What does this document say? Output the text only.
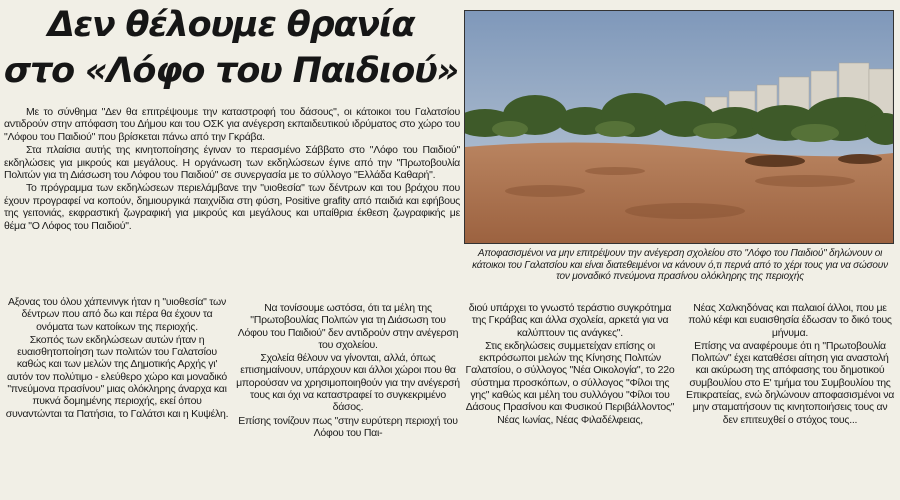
Δεν θέλουμε θρανία
στο «Λόφο του Παιδιού»

Με το σύνθημα "Δεν θα επιτρέψουμε την καταστροφή του δάσους", οι κάτοικοι του Γαλατσίου αντιδρούν στην απόφαση του Δήμου και του ΟΣΚ για ανέγερση εκπαιδευτικού ιδρύματος στο χώρο του "Λόφου του Παιδιού" που βρίσκεται πάνω από την Γκράβα.

Στα πλαίσια αυτής της κινητοποίησης έγιναν το περασμένο Σάββατο στο "Λόφο του Παιδιού" εκδηλώσεις για μικρούς και μεγάλους. Η οργάνωση των εκδηλώσεων έγινε από την "Πρωτοβουλία Πολιτών για τη Διάσωση του Λόφου του Παιδιού" σε συνεργασία με το σύλλογο "Ελλάδα Καθαρή".

Το πρόγραμμα των εκδηλώσεων περιελάμβανε την "υιοθεσία" των δέντρων και του βράχου που έχουν προγραφεί να κοπούν, δημιουργικά παιχνίδια στη φύση, Positive grafity από παιδιά και εφήβους της γειτονιάς, εκφραστική ζωγραφική για μικρούς και μεγάλους και υπαίθρια έκθεση ζωγραφικής με θέμα "Ο Λόφος του Παιδιού".

Αξονας του όλου χάπενινγκ ήταν η "υιοθεσία" των δέντρων που από δω και πέρα θα έχουν τα ονόματα των κατοίκων της περιοχής.

Σκοπός των εκδηλώσεων αυτών ήταν η ευαισθητοποίηση των πολιτών του Γαλατσίου καθώς και των μελών της Δημοτικής Αρχής γι' αυτόν τον πολύτιμο - ελεύθερο χώρο και μοναδικό "πνεύμονα πρασίνου" μιας ολόκληρης άναρχα και πυκνά δομημένης περιοχής, εκεί όπου συναντώνται τα Πατήσια, το Γαλάτσι και η Κυψέλη.

Να τονίσουμε ωστόσα, ότι τα μέλη της "Πρωτοβουλίας Πολιτών για τη Διάσωση του Λόφου του Παιδιού" δεν αντιδρούν στην ανέγερση του σχολείου.

Σχολεία θέλουν να γίνονται, αλλά, όπως επισημαίνουν, υπάρχουν και άλλοι χώροι που θα μπορούσαν να χρησιμοποιηθούν για την ανέγερσή τους και όχι να καταστραφεί το συγκεκριμένο δάσος.

Επίσης τονίζουν πως "στην ευρύτερη περιοχή του Λόφου του Παι-

διού υπάρχει το γνωστό τεράστιο συγκρότημα της Γκράβας και άλλα σχολεία, αρκετά για να καλύπτουν τις ανάγκες".

Στις εκδηλώσεις συμμετείχαν επίσης οι εκπρόσωποι μελών της Κίνησης Πολιτών Γαλατσίου, ο σύλλογος "Νέα Οικολογία", το 22ο σύστημα προσκόπων, ο σύλλογος "Φίλοι της γης" καθώς και μέλη του συλλόγου "Φίλοι του Δάσους Πρασίνου και Φυσικού Περιβάλλοντος" Νέας Ιωνίας, Νέας Φιλαδέλφειας,

Νέας Χαλκηδόνας και παλαιοί άλλοι, που με πολύ κέφι και ευαισθησία έδωσαν το δικό τους μήνυμα.

Επίσης να αναφέρουμε ότι η "Πρωτοβουλία Πολιτών" έχει καταθέσει αίτηση για αναστολή και ακύρωση της απόφασης του δημοτικού συμβουλίου στο Ε' τμήμα του Συμβουλίου της Επικρατείας, ενώ δηλώνουν αποφασισμένοι να μην σταματήσουν τις κινητοποιήσεις τους αν δεν επιτευχθεί ο στόχος τους...

Αποφασισμένοι να μην επιτρέψουν την ανέγερση σχολείου στο "Λόφο του Παιδιού" δηλώνουν οι κάτοικοι του Γαλατσίου και είναι διατεθειμένοι να κάνουν ό,τι περνά από το χέρι τους για να σώσουν τον μοναδικό πνεύμονα πρασίνου ολόκληρης της περιοχής
